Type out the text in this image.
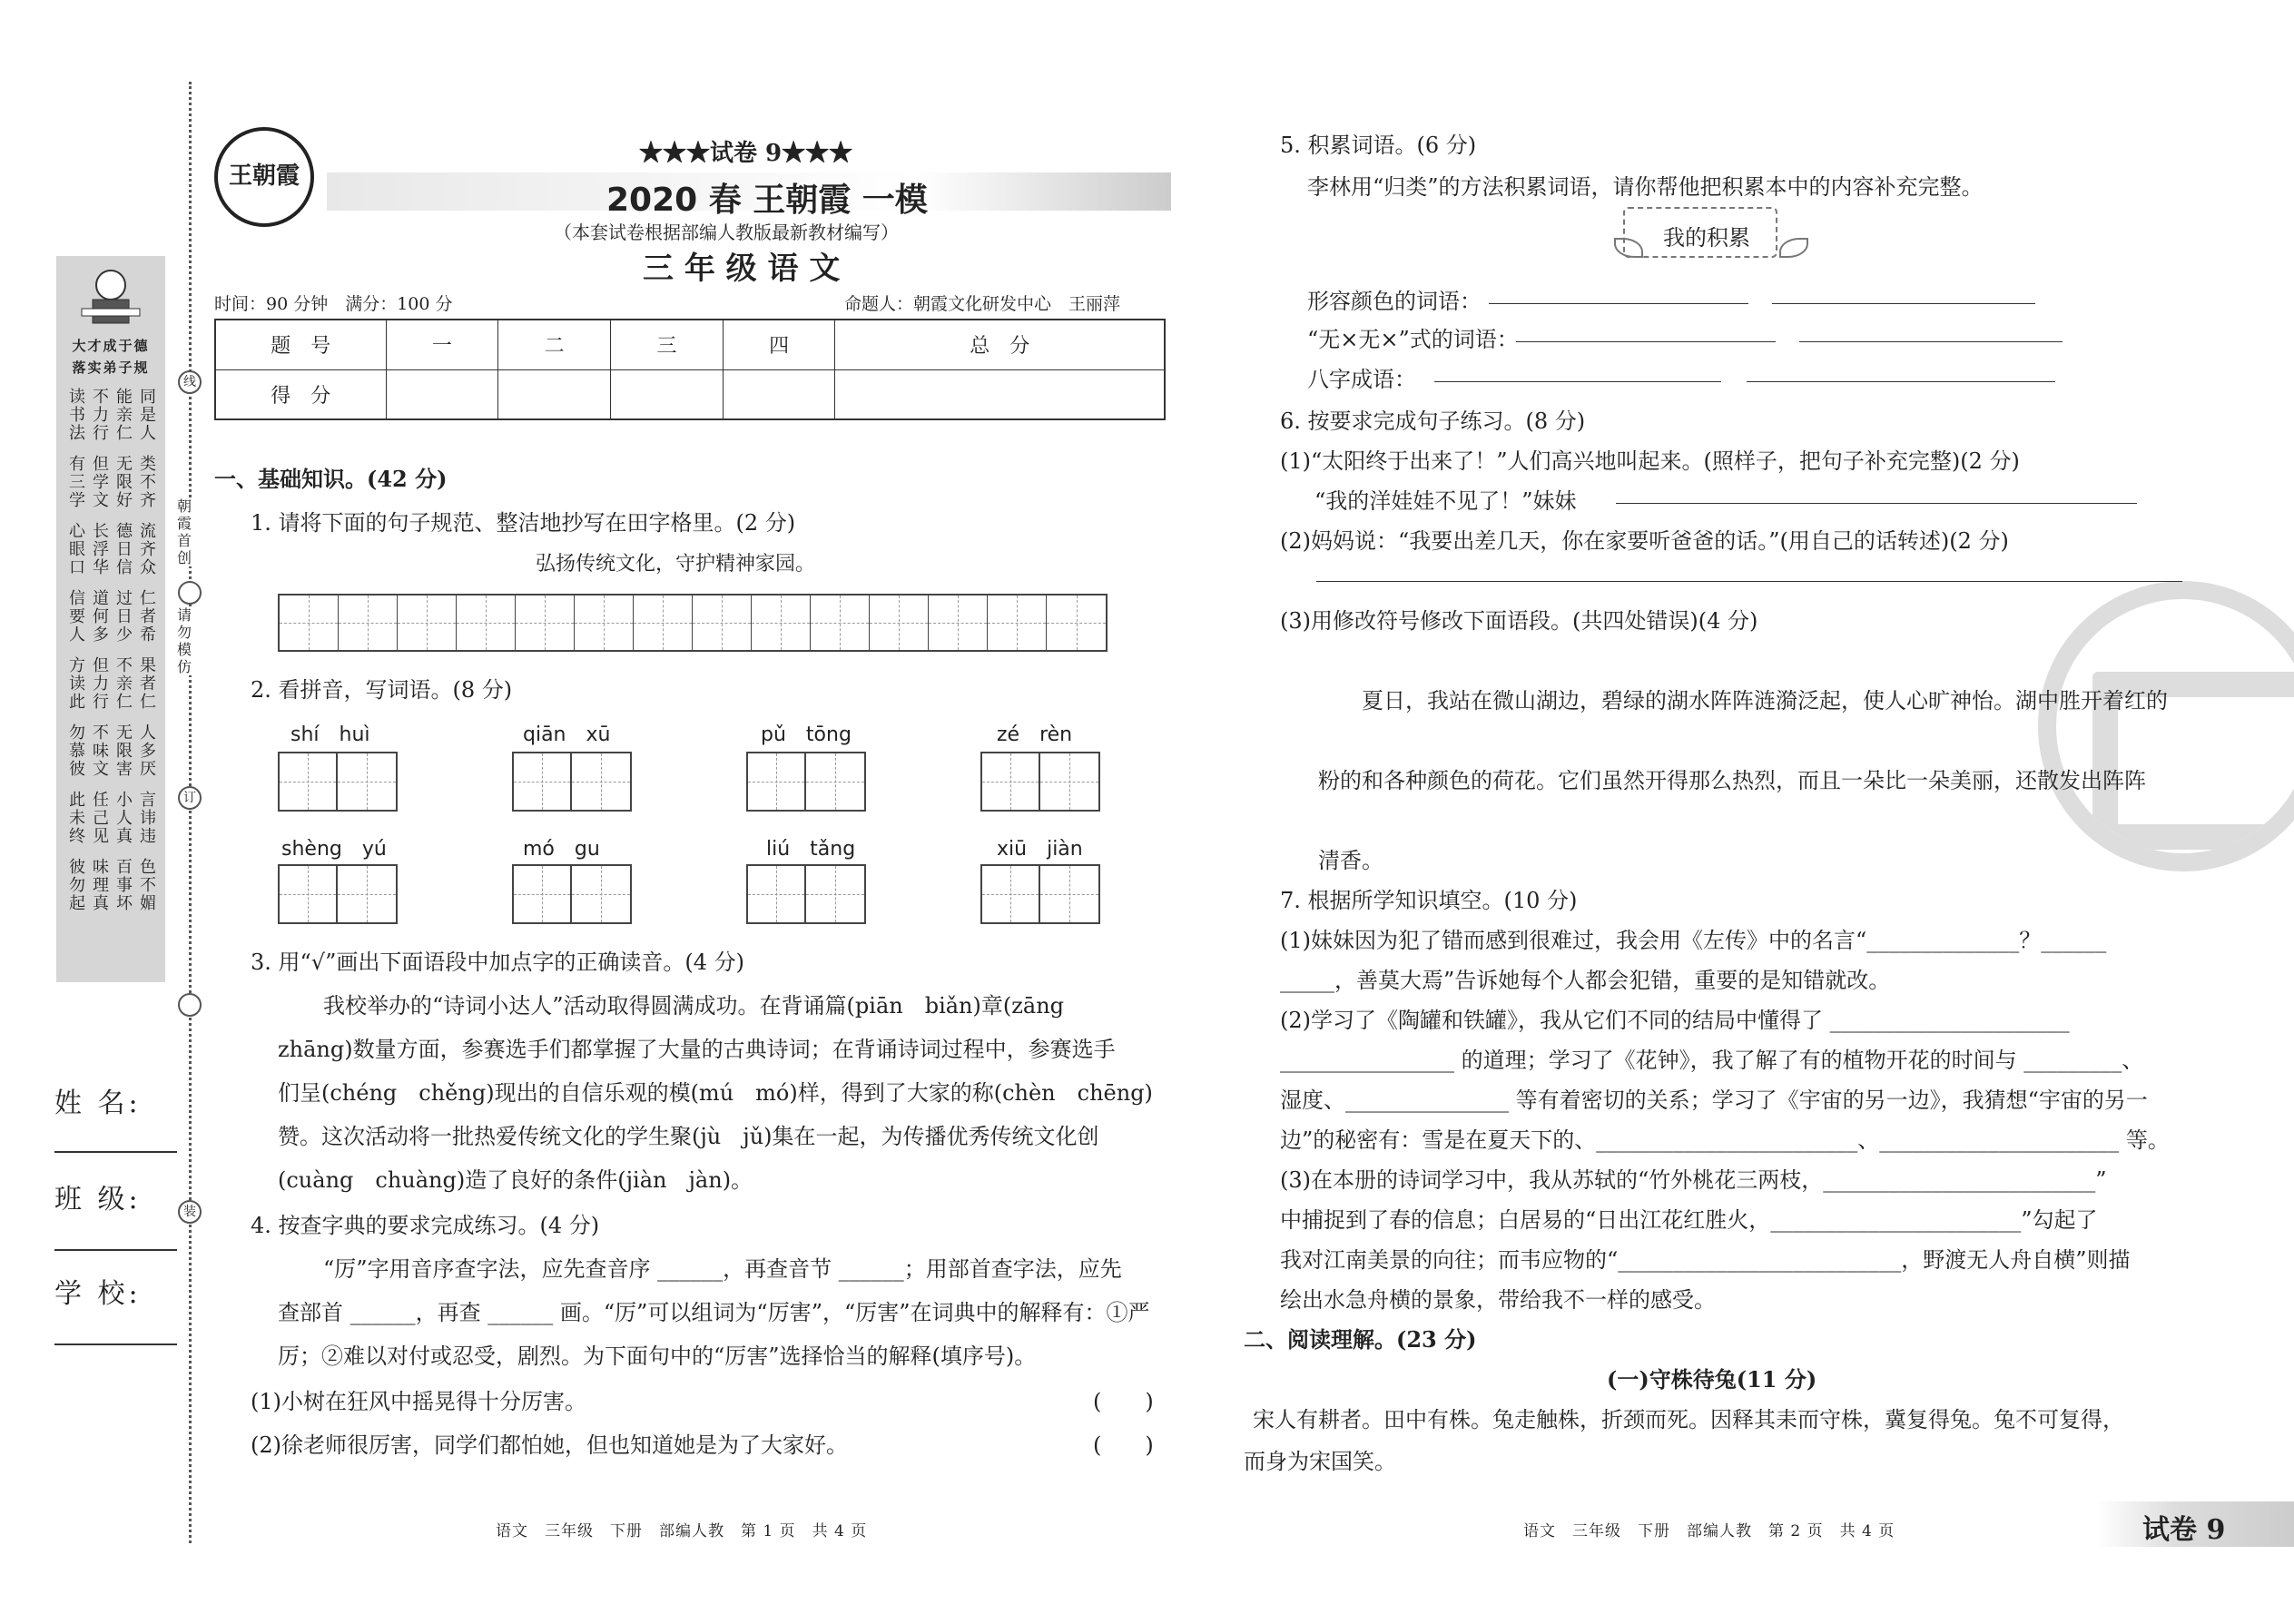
大才成于德
落实弟子规
读 不 能 同
书 力 亲 是
法 行 仁 人
有 但 无 类
三 学 限 不
学 文 好 齐
心 长 德 流
眼 浮 日 齐
口 华 信 众
信 道 过 仁
要 何 日 者
人 多 少 希
方 但 不 果
读 力 亲 者
此 行 仁 仁
勿 不 无 人
慕 味 限 多
彼 文 害 厌
此 任 小 言
未 己 人 讳
终 见 真 违
彼 味 百 色
勿 理 事 不
起 真 坏 媚
姓 名:
班 级:
学 校:
线
朝霞首创
请勿模仿
订
装
王朝霞
★★★试卷 9★★★
2020 春 王朝霞 一模
（本套试卷根据部编人教版最新教材编写）
三 年 级 语 文
时间：90 分钟　满分：100 分	命题人：朝霞文化研发中心　王丽萍
题　号	一	二	三	四	总　分
得　分					
一、基础知识。(42 分)
1. 请将下面的句子规范、整洁地抄写在田字格里。(2 分)
弘扬传统文化，守护精神家园。
2. 看拼音，写词语。(8 分)
shí　huì	qiān　xū	pǔ　tōng	zé　rèn
shèng　yú	mó　gu	liú　tǎng	xiū　jiàn
3. 用“√”画出下面语段中加点字的正确读音。(4 分)
我校举办的“诗词小达人”活动取得圆满成功。在背诵篇(piān　biǎn)章(zāng
zhāng)数量方面，参赛选手们都掌握了大量的古典诗词；在背诵诗词过程中，参赛选手
们呈(chéng　chěng)现出的自信乐观的模(mú　mó)样，得到了大家的称(chèn　chēng)
赞。这次活动将一批热爱传统文化的学生聚(jù　jǔ)集在一起，为传播优秀传统文化创
(cuàng　chuàng)造了良好的条件(jiàn　jàn)。
4. 按查字典的要求完成练习。(4 分)
“厉”字用音序查字法，应先查音序 ______，再查音节 ______；用部首查字法，应先
查部首 ______，再查 ______ 画。“厉”可以组词为“厉害”，“厉害”在词典中的解释有：①严
厉；②难以对付或忍受，剧烈。为下面句中的“厉害”选择恰当的解释(填序号)。
(1)小树在狂风中摇晃得十分厉害。	(　　)
(2)徐老师很厉害，同学们都怕她，但也知道她是为了大家好。	(　　)
语文　三年级　下册　部编人教　第 1 页　共 4 页
5. 积累词语。(6 分)
李林用“归类”的方法积累词语，请你帮他把积累本中的内容补充完整。
我的积累
形容颜色的词语：
“无×无×”式的词语：
八字成语：
6. 按要求完成句子练习。(8 分)
(1)“太阳终于出来了！”人们高兴地叫起来。(照样子，把句子补充完整)(2 分)
“我的洋娃娃不见了！”妹妹
(2)妈妈说：“我要出差几天，你在家要听爸爸的话。”(用自己的话转述)(2 分)
(3)用修改符号修改下面语段。(共四处错误)(4 分)
夏日，我站在微山湖边，碧绿的湖水阵阵涟漪泛起，使人心旷神怡。湖中胜开着红的
粉的和各种颜色的荷花。它们虽然开得那么热烈，而且一朵比一朵美丽，还散发出阵阵
清香。
7. 根据所学知识填空。(10 分)
(1)妹妹因为犯了错而感到很难过，我会用《左传》中的名言“______________？______
_____，善莫大焉”告诉她每个人都会犯错，重要的是知错就改。
(2)学习了《陶罐和铁罐》，我从它们不同的结局中懂得了 ______________________
________________ 的道理；学习了《花钟》，我了解了有的植物开花的时间与 _________、
湿度、_______________ 等有着密切的关系；学习了《宇宙的另一边》，我猜想“宇宙的另一
边”的秘密有：雪是在夏天下的、________________________、______________________ 等。
(3)在本册的诗词学习中，我从苏轼的“竹外桃花三两枝，_________________________”
中捕捉到了春的信息；白居易的“日出江花红胜火，_______________________”勾起了
我对江南美景的向往；而韦应物的“__________________________，野渡无人舟自横”则描
绘出水急舟横的景象，带给我不一样的感受。
二、阅读理解。(23 分)
(一)守株待兔(11 分)
宋人有耕者。田中有株。兔走触株，折颈而死。因释其耒而守株，冀复得兔。兔不可复得，
而身为宋国笑。
语文　三年级　下册　部编人教　第 2 页　共 4 页	试卷 9
